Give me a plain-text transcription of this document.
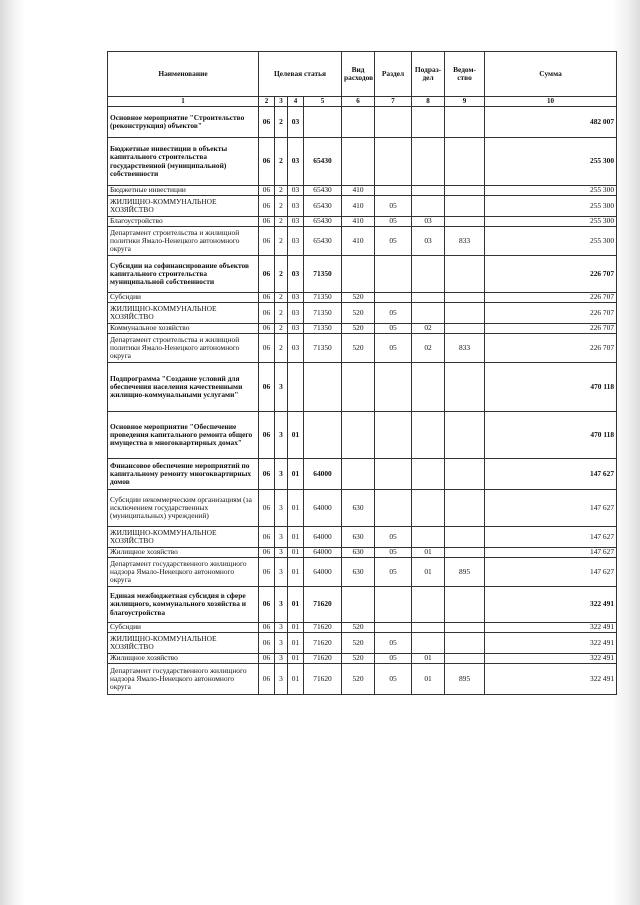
Наименование	Целевая статья				Вид расходов	Раздел	Подраз-дел	Ведом-ство	Сумма
1	2	3	4	5	6	7	8	9	10
Основное мероприятие "Строительство (реконструкция) объектов"	06	2	03						482 007
Бюджетные инвестиции в объекты капитального строительства государственной (муниципальной) собственности	06	2	03	65430					255 300
Бюджетные инвестиции	06	2	03	65430	410				255 300
ЖИЛИЩНО-КОММУНАЛЬНОЕ ХОЗЯЙСТВО	06	2	03	65430	410	05			255 300
Благоустройство	06	2	03	65430	410	05	03		255 300
Департамент строительства и жилищной политики Ямало-Ненецкого автономного округа	06	2	03	65430	410	05	03	833	255 300
Субсидии на софинансирование объектов капитального строительства муниципальной собственности	06	2	03	71350					226 707
Субсидии	06	2	03	71350	520				226 707
ЖИЛИЩНО-КОММУНАЛЬНОЕ ХОЗЯЙСТВО	06	2	03	71350	520	05			226 707
Коммунальное хозяйство	06	2	03	71350	520	05	02		226 707
Департамент строительства и жилищной политики Ямало-Ненецкого автономного округа	06	2	03	71350	520	05	02	833	226 707
Подпрограмма "Создание условий для обеспечения населения качественными жилищно-коммунальными услугами"	06	3							470 118
Основное мероприятие "Обеспечение проведения капитального ремонта общего имущества в многоквартирных домах"	06	3	01						470 118
Финансовое обеспечение мероприятий по капитальному ремонту многоквартирных домов	06	3	01	64000					147 627
Субсидии некоммерческим организациям (за исключением государственных (муниципальных) учреждений)	06	3	01	64000	630				147 627
ЖИЛИЩНО-КОММУНАЛЬНОЕ ХОЗЯЙСТВО	06	3	01	64000	630	05			147 627
Жилищное хозяйство	06	3	01	64000	630	05	01		147 627
Департамент государственного жилищного надзора Ямало-Ненецкого автономного округа	06	3	01	64000	630	05	01	895	147 627
Единая межбюджетная субсидия в сфере жилищного, коммунального хозяйства и благоустройства	06	3	01	71620					322 491
Субсидии	06	3	01	71620	520				322 491
ЖИЛИЩНО-КОММУНАЛЬНОЕ ХОЗЯЙСТВО	06	3	01	71620	520	05			322 491
Жилищное хозяйство	06	3	01	71620	520	05	01		322 491
Департамент государственного жилищного надзора Ямало-Ненецкого автономного округа	06	3	01	71620	520	05	01	895	322 491
